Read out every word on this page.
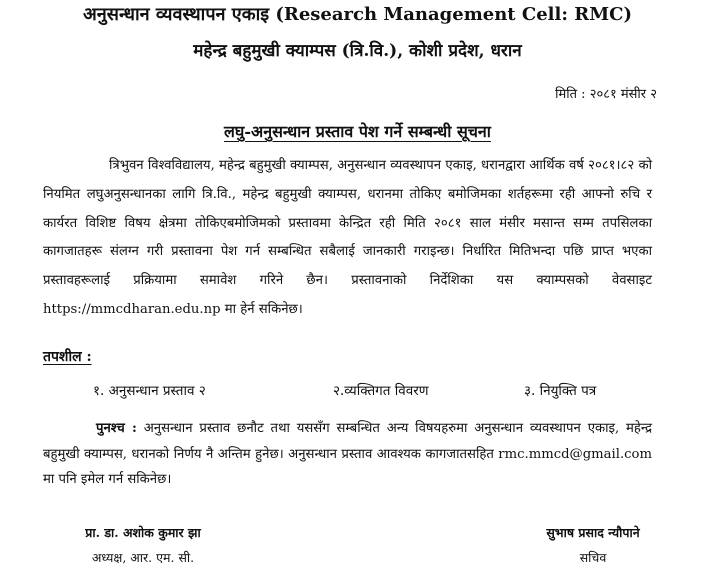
अनुसन्धान व्यवस्थापन एकाइ (Research Management Cell: RMC)
महेन्द्र बहुमुखी क्याम्पस (त्रि.वि.), कोशी प्रदेश, धरान
मिति : २०८१ मंसीर २
लघु-अनुसन्धान प्रस्ताव पेश गर्ने सम्बन्धी सूचना
त्रिभुवन विश्वविद्यालय, महेन्द्र बहुमुखी क्याम्पस, अनुसन्धान व्यवस्थापन एकाइ, धरानद्वारा आर्थिक वर्ष २०८१।८२ को नियमित लघुअनुसन्धानका लागि त्रि.वि., महेन्द्र बहुमुखी क्याम्पस, धरानमा तोकिए बमोजिमका शर्तहरूमा रही आफ्नो रुचि र कार्यरत विशिष्ट विषय क्षेत्रमा तोकिएबमोजिमको प्रस्तावमा केन्द्रित रही मिति २०८१ साल मंसीर मसान्त सम्म तपसिलका कागजातहरू संलग्न गरी प्रस्तावना पेश गर्न सम्बन्धित सबैलाई जानकारी गराइन्छ। निर्धारित मितिभन्दा पछि प्राप्त भएका प्रस्तावहरूलाई प्रक्रियामा समावेश गरिने छैन। प्रस्तावनाको निर्देशिका यस क्याम्पसको वेवसाइट https://mmcdharan.edu.np मा हेर्न सकिनेछ।
तपशील :
१. अनुसन्धान प्रस्ताव २	२.व्यक्तिगत विवरण	३. नियुक्ति पत्र
पुनश्च : अनुसन्धान प्रस्ताव छनौट तथा यससँग सम्बन्धित अन्य विषयहरुमा अनुसन्धान व्यवस्थापन एकाइ, महेन्द्र बहुमुखी क्याम्पस, धरानको निर्णय नै अन्तिम हुनेछ। अनुसन्धान प्रस्ताव आवश्यक कागजातसहित rmc.mmcd@gmail.com मा पनि इमेल गर्न सकिनेछ।
प्रा. डा. अशोक कुमार झा
अध्यक्ष, आर. एम. सी.
सुभाष प्रसाद न्यौपाने
सचिव
